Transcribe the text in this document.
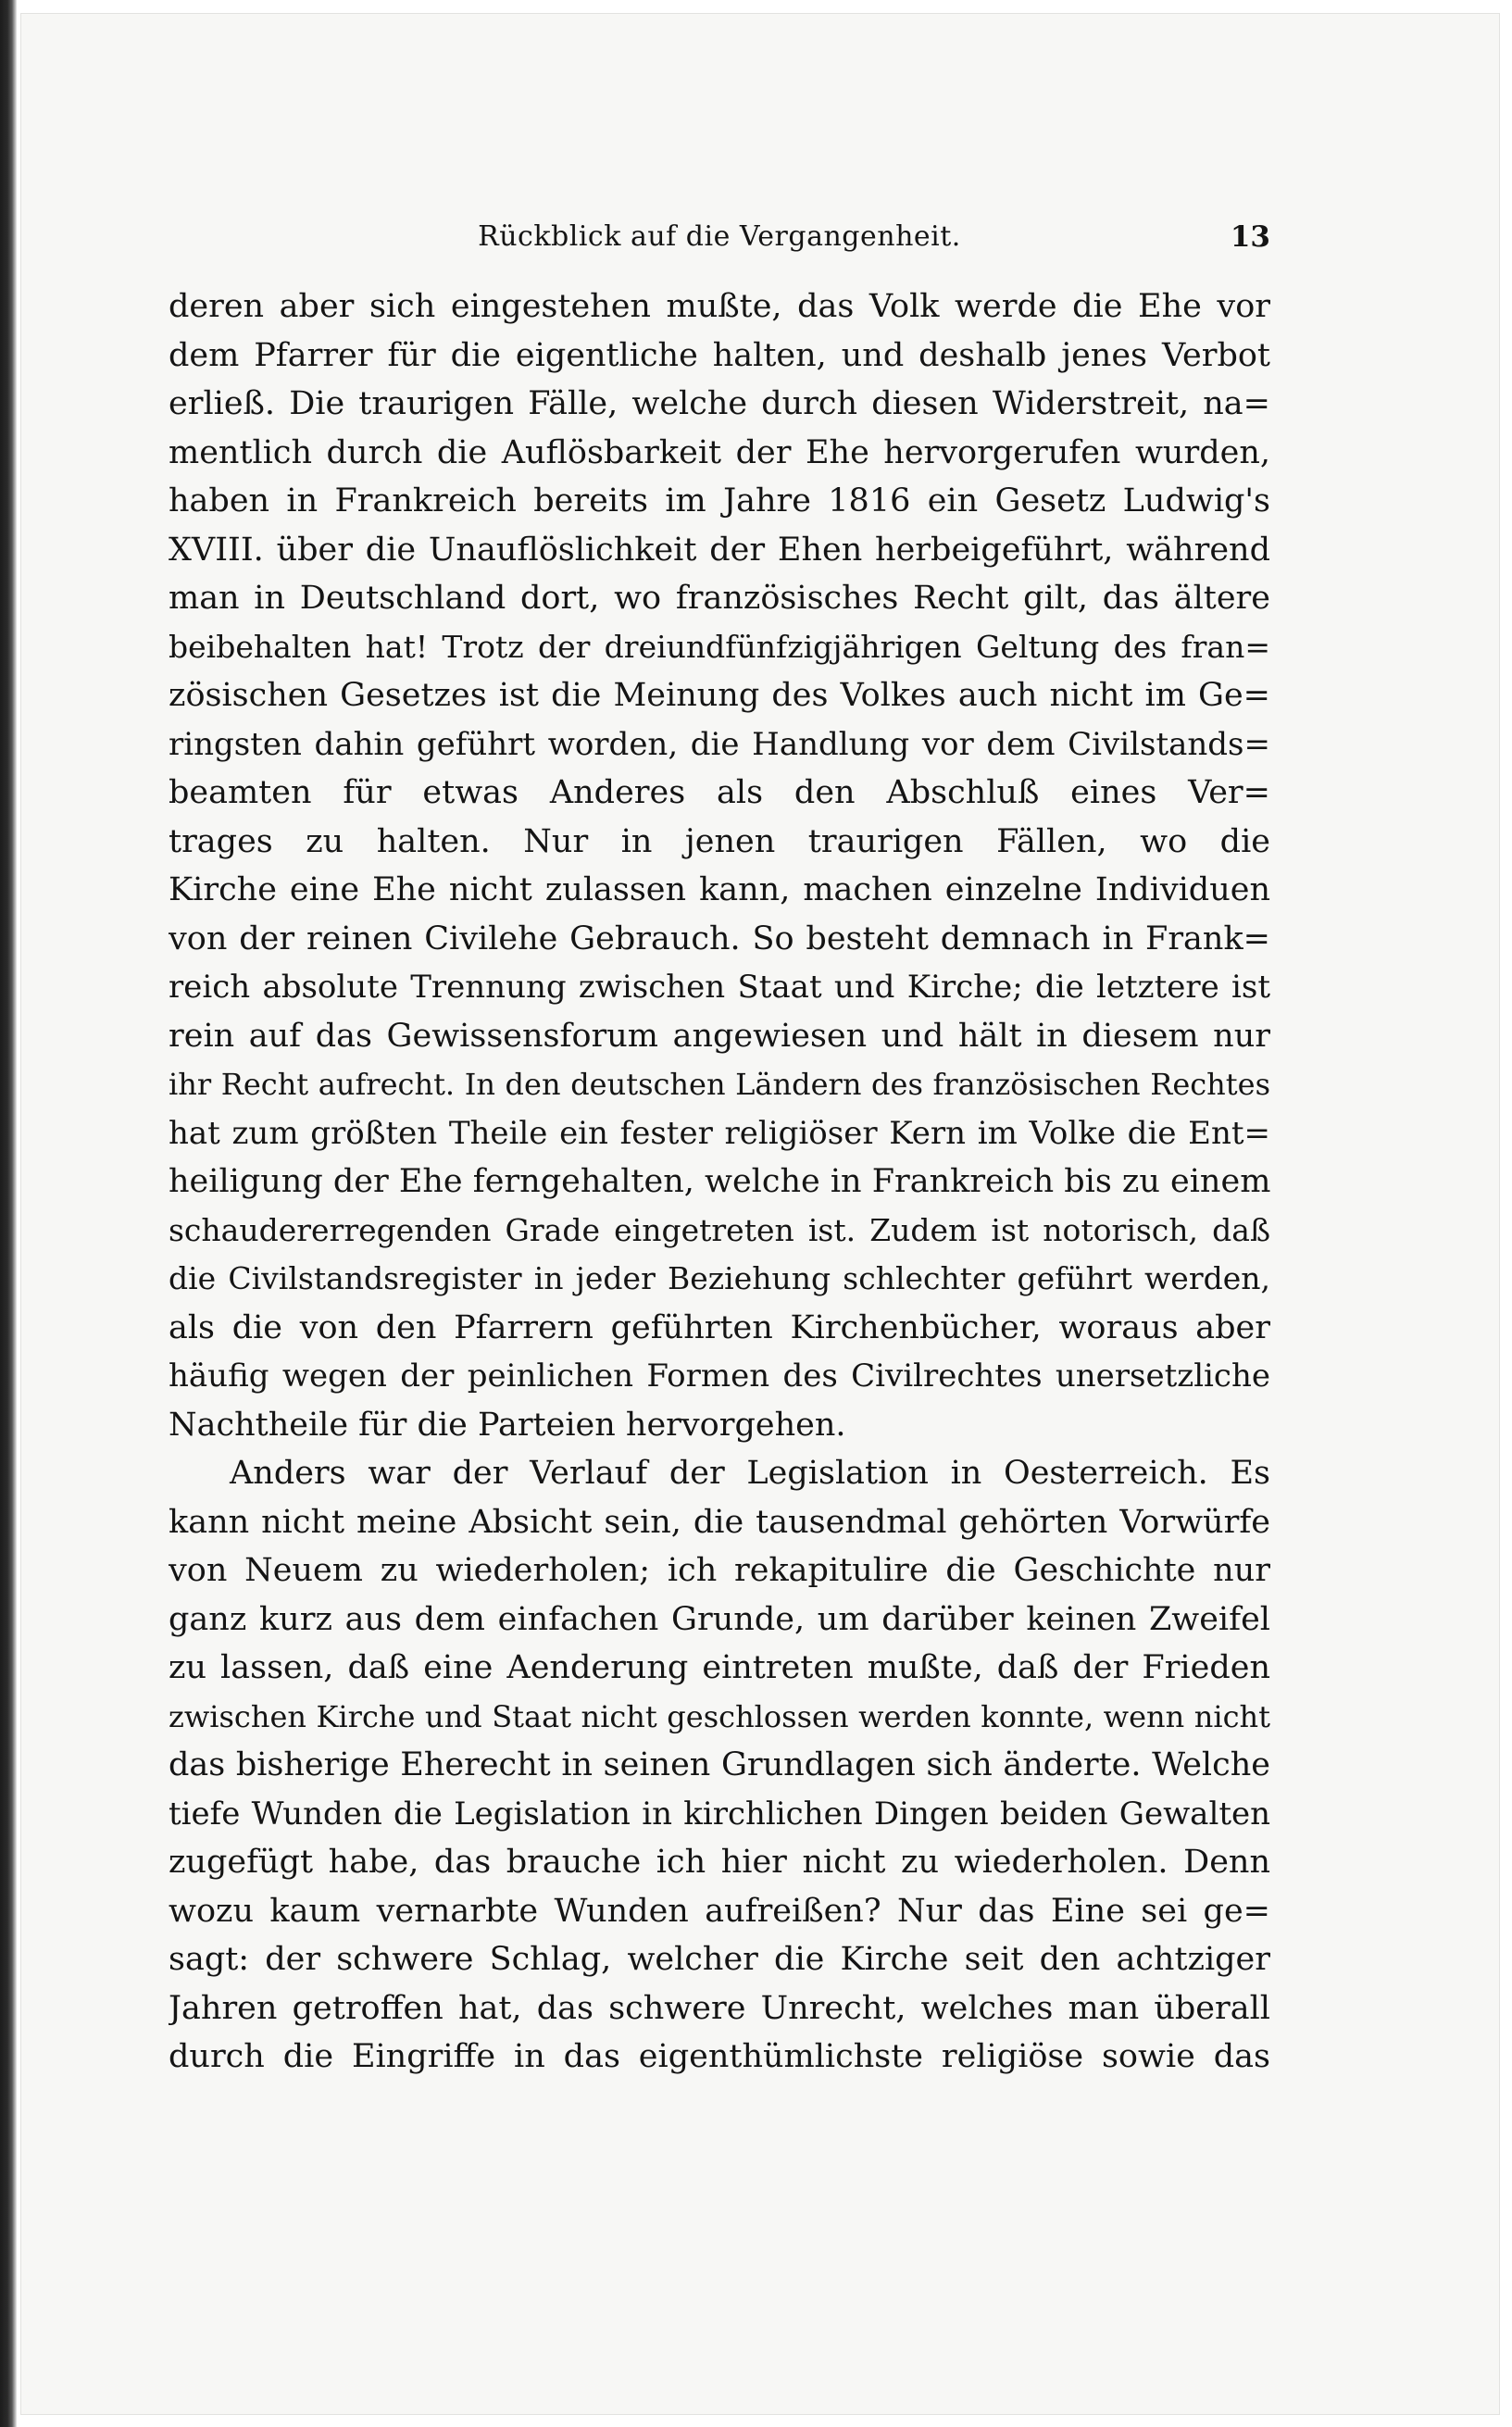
Rückblick auf die Vergangenheit.	13
deren aber sich eingestehen mußte, das Volk werde die Ehe vor
dem Pfarrer für die eigentliche halten, und deshalb jenes Verbot
erließ. Die traurigen Fälle, welche durch diesen Widerstreit, na=
mentlich durch die Auflösbarkeit der Ehe hervorgerufen wurden,
haben in Frankreich bereits im Jahre 1816 ein Gesetz Ludwig's
XVIII. über die Unauflöslichkeit der Ehen herbeigeführt, während
man in Deutschland dort, wo französisches Recht gilt, das ältere
beibehalten hat! Trotz der dreiundfünfzigjährigen Geltung des fran=
zösischen Gesetzes ist die Meinung des Volkes auch nicht im Ge=
ringsten dahin geführt worden, die Handlung vor dem Civilstands=
beamten für etwas Anderes als den Abschluß eines Ver=
trages zu halten. Nur in jenen traurigen Fällen, wo die
Kirche eine Ehe nicht zulassen kann, machen einzelne Individuen
von der reinen Civilehe Gebrauch. So besteht demnach in Frank=
reich absolute Trennung zwischen Staat und Kirche; die letztere ist
rein auf das Gewissensforum angewiesen und hält in diesem nur
ihr Recht aufrecht. In den deutschen Ländern des französischen Rechtes
hat zum größten Theile ein fester religiöser Kern im Volke die Ent=
heiligung der Ehe ferngehalten, welche in Frankreich bis zu einem
schaudererregenden Grade eingetreten ist. Zudem ist notorisch, daß
die Civilstandsregister in jeder Beziehung schlechter geführt werden,
als die von den Pfarrern geführten Kirchenbücher, woraus aber
häufig wegen der peinlichen Formen des Civilrechtes unersetzliche
Nachtheile für die Parteien hervorgehen.
Anders war der Verlauf der Legislation in Oesterreich. Es
kann nicht meine Absicht sein, die tausendmal gehörten Vorwürfe
von Neuem zu wiederholen; ich rekapitulire die Geschichte nur
ganz kurz aus dem einfachen Grunde, um darüber keinen Zweifel
zu lassen, daß eine Aenderung eintreten mußte, daß der Frieden
zwischen Kirche und Staat nicht geschlossen werden konnte, wenn nicht
das bisherige Eherecht in seinen Grundlagen sich änderte. Welche
tiefe Wunden die Legislation in kirchlichen Dingen beiden Gewalten
zugefügt habe, das brauche ich hier nicht zu wiederholen. Denn
wozu kaum vernarbte Wunden aufreißen? Nur das Eine sei ge=
sagt: der schwere Schlag, welcher die Kirche seit den achtziger
Jahren getroffen hat, das schwere Unrecht, welches man überall
durch die Eingriffe in das eigenthümlichste religiöse sowie das
